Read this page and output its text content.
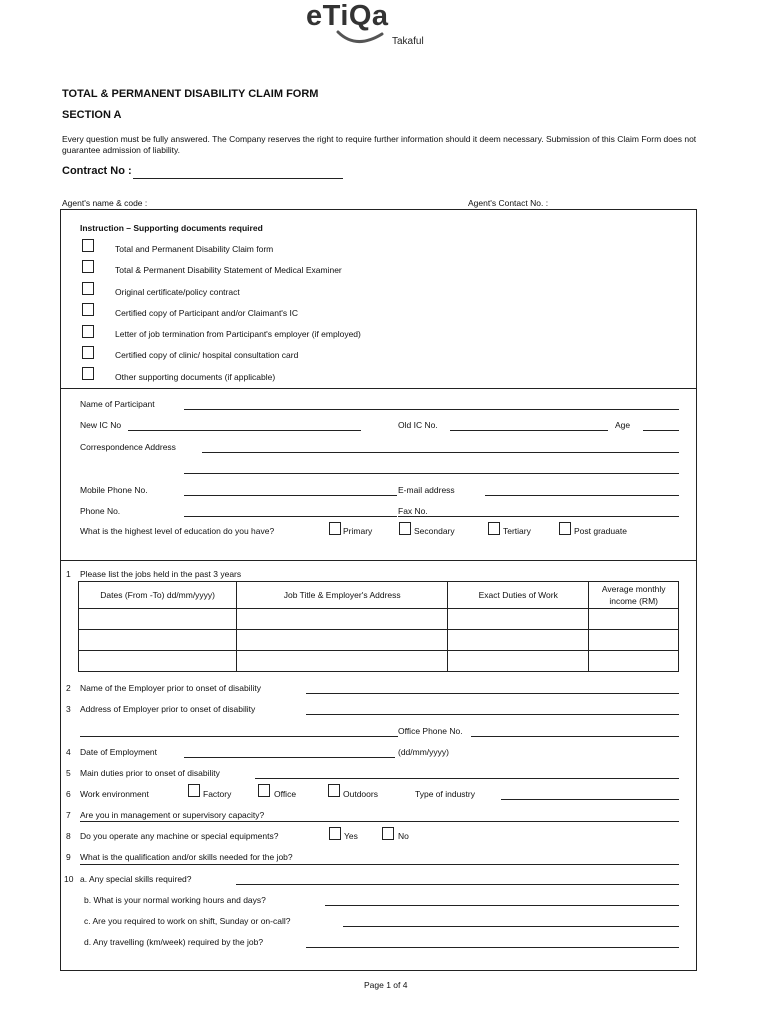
eTiQa
Takaful
TOTAL & PERMANENT DISABILITY CLAIM FORM
SECTION A
Every question must be fully answered. The Company reserves the right to require further information should it deem necessary. Submission of this Claim Form does not guarantee admission of liability.
Contract No :
Agent's name & code :	Agent's Contact No. :
Instruction – Supporting documents required
Total and Permanent Disability Claim form
Total & Permanent Disability Statement of Medical Examiner
Original certificate/policy contract
Certified copy of Participant and/or Claimant's IC
Letter of job termination from Participant's employer (if employed)
Certified copy of clinic/ hospital consultation card
Other supporting documents (if applicable)
Name of Participant
New IC No	Old IC No.	Age
Correspondence Address
Mobile Phone No.	E-mail address
Phone No.	Fax No.
What is the highest level of education do you have?	Primary	Secondary	Tertiary	Post graduate
1 Please list the jobs held in the past 3 years
Dates (From -To) dd/mm/yyyy)	Job Title & Employer's Address	Exact Duties of Work	Average monthly income (RM)

2 Name of the Employer prior to onset of disability
3 Address of Employer prior to onset of disability
Office Phone No.
4 Date of Employment	(dd/mm/yyyy)
5 Main duties prior to onset of disability
6 Work environment	Factory	Office	Outdoors	Type of industry
7 Are you in management or supervisory capacity?
8 Do you operate any machine or special equipments?	Yes	No
9 What is the qualification and/or skills needed for the job?
10 a. Any special skills required?
b. What is your normal working hours and days?
c. Are you required to work on shift, Sunday or on-call?
d. Any travelling (km/week) required by the job?
Page 1 of 4
